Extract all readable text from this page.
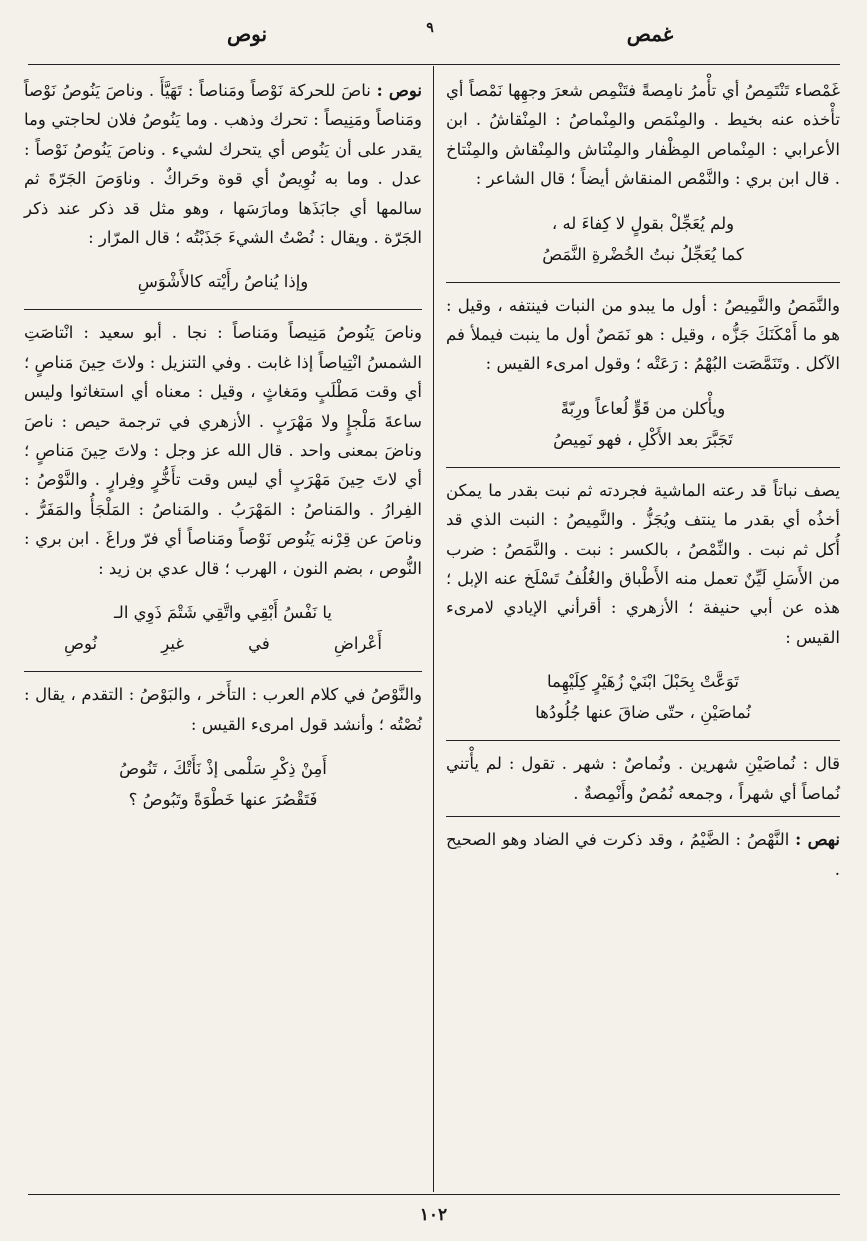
غمص
٩
نوص

غَمْصاء تَنْتَمِصُ أي تأْمرُ نامِصةً فتَنْمِص شعرَ وجهِها نَمْصاً أي تأْخذه عنه بخيط . والمِنْمَص والمِنْماصُ : المِنْقاشُ . ابن الأعرابي : المِنْماص المِظْفار والمِنْتاش والمِنْقاش والمِنْتاخ . قال ابن بري : والنَّمْص المنقاش أيضاً ؛ قال الشاعر :

ولم يُعَجِّلْ بقولٍ لا كِفاءَ له ،
كما يُعَجِّلُ نبتُ الخُضْرةِ النَّمَصُ

والنَّمَصُ والنَّمِيصُ : أول ما يبدو من النبات فينتفه ، وقيل : هو ما أَمْكَنَكَ جَزُّه ، وقيل : هو نَمَصٌ أول ما ينبت فيملأ فم الآكل . وتَنَمَّصَت البُهْمُ : رَعَتْه ؛ وقول امرىء القيس :

ويأْكلن من قَوٍّ لُعاعاً ورِبّةً
تَجَبَّرَ بعد الأَكْلِ ، فهو نَمِيصُ

يصف نباتاً قد رعته الماشية فجردته ثم نبت بقدر ما يمكن أخذُه أي بقدر ما ينتف ويُجَزُّ . والنَّمِيصُ : النبت الذي قد أُكل ثم نبت . والنِّمْصُ ، بالكسر : نبت . والنَّمَصُ : ضرب من الأَسَلِ لَيِّنٌ تعمل منه الأَطْباق والغُلُفُ تَسْلَخ عنه الإبل ؛ هذه عن أبي حنيفة ؛ الأزهري : أقرأني الإيادي لامرىء القيس :

تَوَعَّتْ بِحَبْلَ ابْنَيْ زُهَيْرٍ كِلَيْهِما
نُماصَيْنِ ، حتّى ضاقَ عنها جُلُودُها

قال : نُماصَيْنِ شهرين . ونُماصٌ : شهر . تقول : لم يأْتني نُماصاً أي شهراً ، وجمعه نُمُصٌ وأَنْمِصةٌ .

نهص : النَّهْصُ : الضَّيْمُ ، وقد ذكرت في الضاد وهو الصحيح .

نوص : ناصَ للحركة نَوْصاً ومَناصاً : تَهَيَّأَ . وناصَ يَنُوصُ نَوْصاً ومَناصاً ومَنِيصاً : تحرك وذهب . وما يَنُوصُ فلان لحاجتي وما يقدر على أن يَنُوص أي يتحرك لشيء . وناصَ يَنُوصُ نَوْصاً : عدل . وما به نُوِيصٌ أي قوة وحَراكٌ . وناوَصَ الجَرّةَ ثم سالمها أي جابَذَها ومارَسَها ، وهو مثل قد ذكر عند ذكر الجَرّة . ويقال : نُصْتُ الشيءَ جَذَبْتُه ؛ قال المرّار :

وإذا يُناصُ رأَيْته كالأَشْوَسِ

وناصَ يَنُوصُ مَنِيصاً ومَناصاً : نجا . أبو سعيد : انْتاصَتِ الشمسُ انْتِياصاً إذا غابت . وفي التنزيل : ولاتَ حِينَ مَناصٍ ؛ أي وقت مَطْلَبٍ ومَغاثٍ ، وقيل : معناه أي استغاثوا وليس ساعةَ مَلْجإٍ ولا مَهْرَبٍ . الأزهري في ترجمة حيص : ناصَ وناضَ بمعنى واحد . قال الله عز وجل : ولاتَ حِينَ مَناصٍ ؛ أي لاتَ حِينَ مَهْرَبٍ أي ليس وقت تأَخُّرٍ وفِرارٍ . والنَّوْصُ : الفِرارُ . والمَناصُ : المَهْرَبُ . والمَناصُ : المَلْجَأُ والمَفَرُّ . وناصَ عن قِرْنه يَنُوص نَوْصاً ومَناصاً أي فرّ وراغَ . ابن بري : النُّوص ، بضم النون ، الهرب ؛ قال عدي بن زيد :

يا نَفْسُ أَبْقِي واتَّقِي شَتْمَ ذَوِي الـ
أَعْراضِ
في
غيرِ
نُوصِ

والنَّوْصُ في كلام العرب : التأَخر ، والبَوْصُ : التقدم ، يقال : نُصْتُه ؛ وأنشد قول امرىء القيس :

أَمِنْ ذِكْرِ سَلْمى إذْ نَأَتْكَ ، تَنُوصُ
فَتَقْصُرَ عنها خَطْوَةً وتَبُوصُ ؟
١٠٢
